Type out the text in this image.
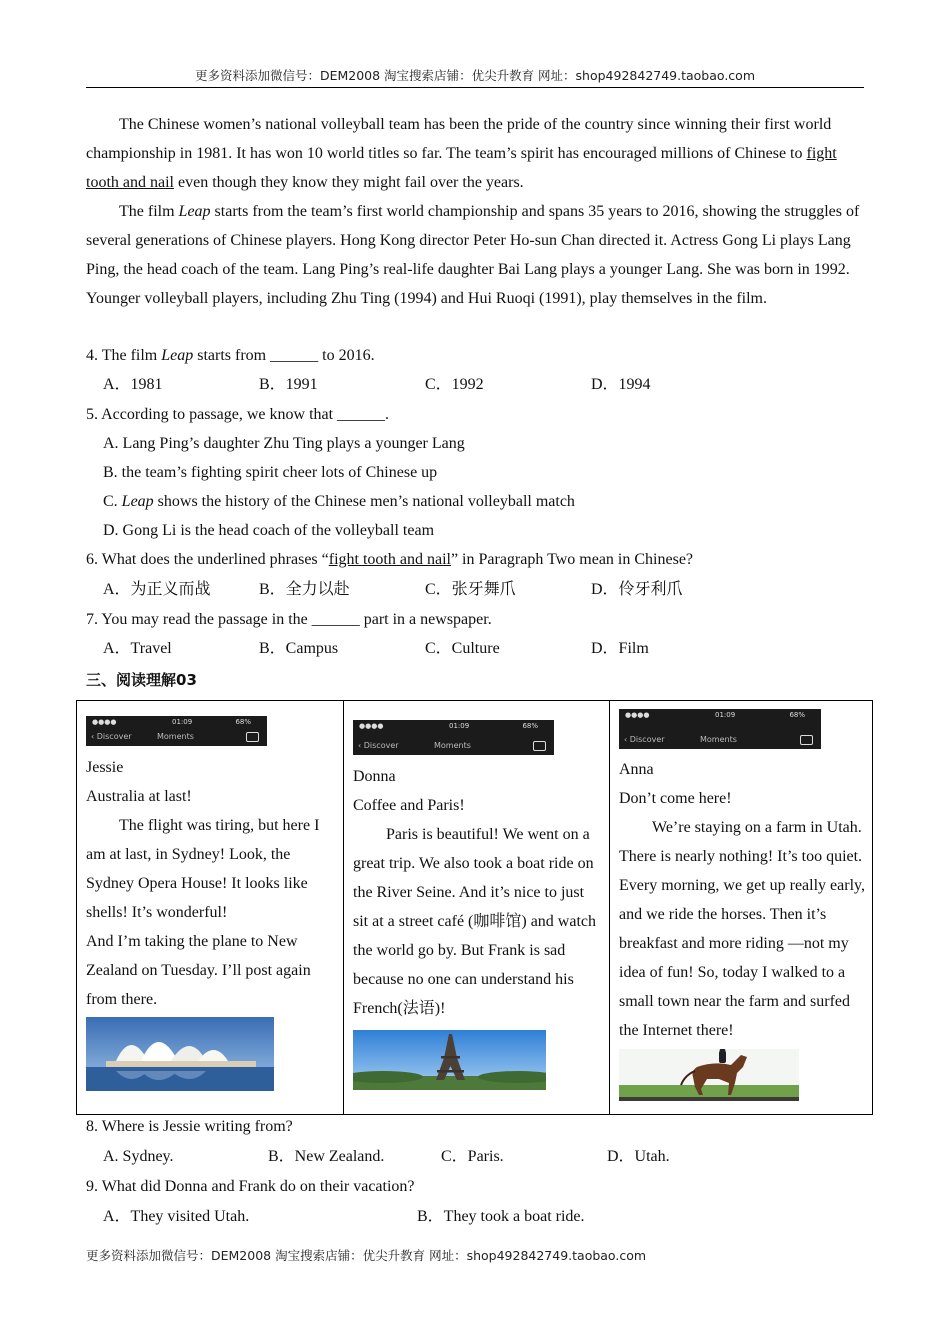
更多资料添加微信号：DEM2008 淘宝搜索店铺：优尖升教育 网址：shop492842749.taobao.com

The Chinese women’s national volleyball team has been the pride of the country since winning their first world championship in 1981. It has won 10 world titles so far. The team’s spirit has encouraged millions of Chinese to fight tooth and nail even though they know they might fail over the years.

The film Leap starts from the team’s first world championship and spans 35 years to 2016, showing the struggles of several generations of Chinese players. Hong Kong director Peter Ho-sun Chan directed it. Actress Gong Li plays Lang Ping, the head coach of the team. Lang Ping’s real-life daughter Bai Lang plays a younger Lang. She was born in 1992. Younger volleyball players, including Zhu Ting (1994) and Hui Ruoqi (1991), play themselves in the film.

4. The film Leap starts from ______ to 2016.
A．1981	B．1991	C．1992	D．1994
5. According to passage, we know that ______.
A. Lang Ping’s daughter Zhu Ting plays a younger Lang
B. the team’s fighting spirit cheer lots of Chinese up
C. Leap shows the history of the Chinese men’s national volleyball match
D. Gong Li is the head coach of the volleyball team
6. What does the underlined phrases “fight tooth and nail” in Paragraph Two mean in Chinese?
A．为正义而战	B．全力以赴	C．张牙舞爪	D．伶牙利爪
7. You may read the passage in the ______ part in a newspaper.
A．Travel	B．Campus	C．Culture	D．Film
三、阅读理解03
●●●●	01:09	68%
‹ Discover	Moments

Jessie

Australia at last!

The flight was tiring, but here I am at last, in Sydney! Look, the Sydney Opera House! It looks like shells! It’s wonderful!

And I’m taking the plane to New Zealand on Tuesday. I’ll post again from there.

●●●●	01:09	68%
‹ Discover	Moments

Donna

Coffee and Paris!

Paris is beautiful! We went on a great trip. We also took a boat ride on the River Seine. And it’s nice to just sit at a street café (咖啡馆) and watch the world go by. But Frank is sad because no one can understand his French(法语)!

●●●●	01:09	68%
‹ Discover	Moments

Anna

Don’t come here!

We’re staying on a farm in Utah. There is nearly nothing! It’s too quiet. Every morning, we get up really early, and we ride the horses. Then it’s breakfast and more riding —not my idea of fun! So, today I walked to a small town near the farm and surfed the Internet there!

8. Where is Jessie writing from?
A. Sydney.	B．New Zealand.	C．Paris.	D．Utah.
9. What did Donna and Frank do on their vacation?
A．They visited Utah.	B．They took a boat ride.
更多资料添加微信号：DEM2008 淘宝搜索店铺：优尖升教育 网址：shop492842749.taobao.com
